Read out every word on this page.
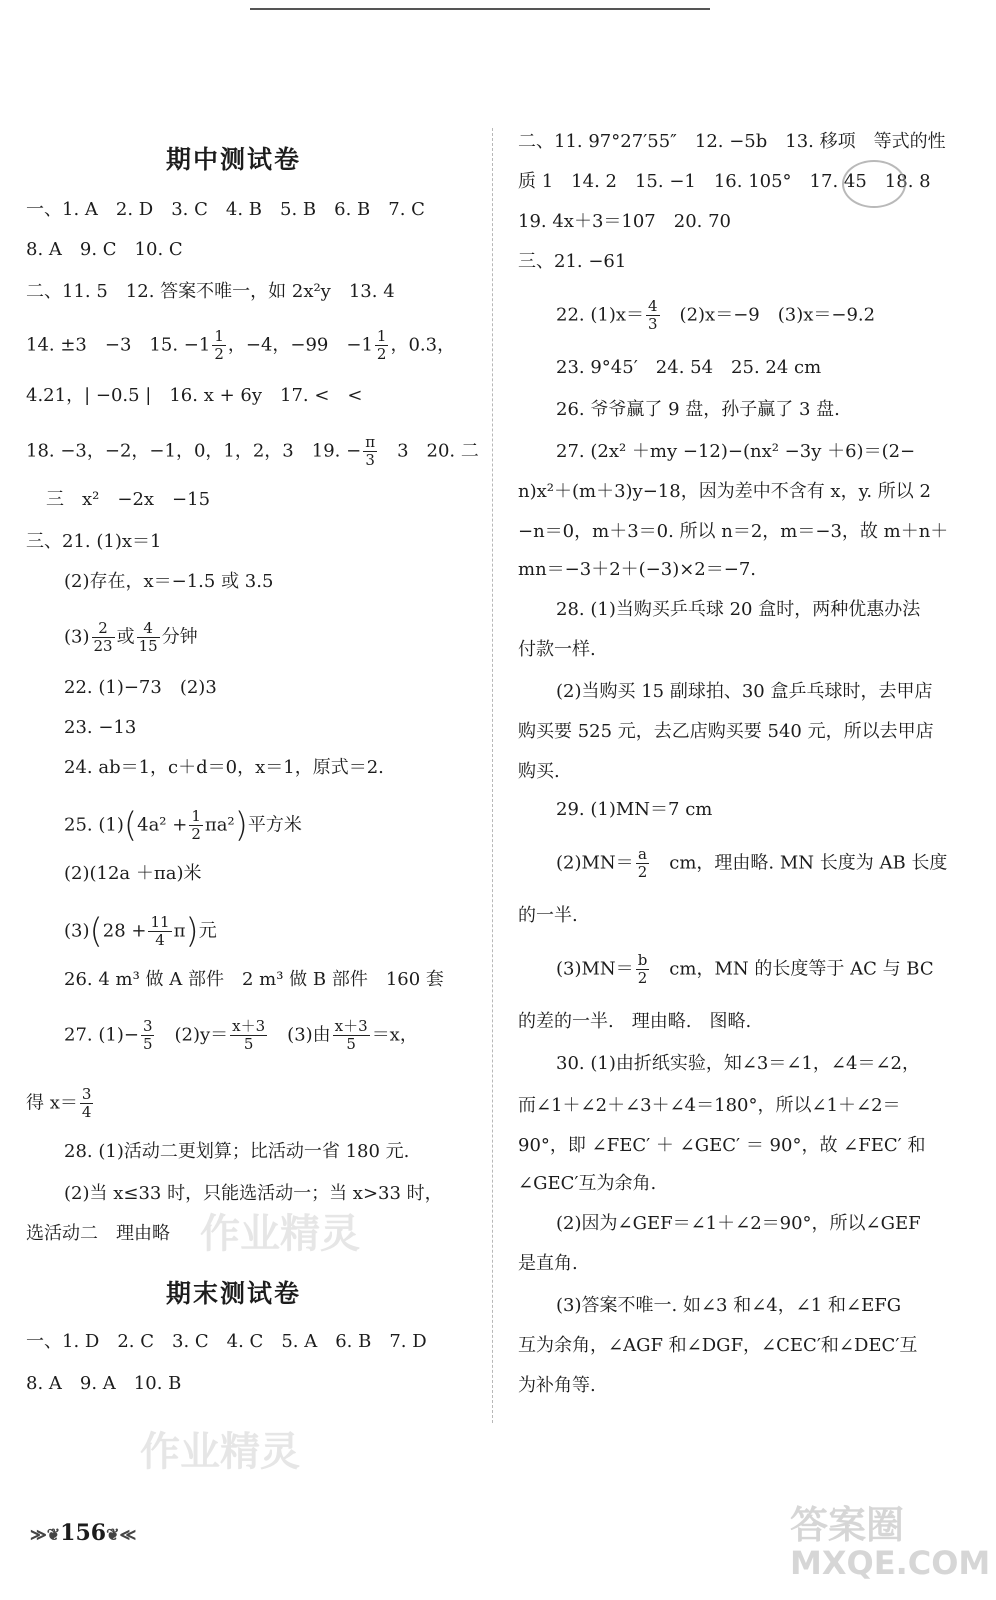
期中测试卷
一、1. A　2. D　3. C　4. B　5. B　6. B　7. C
8. A　9. C　10. C
二、11. 5　12. 答案不唯一，如 2x²y　13. 4
14. ±3　−3　15. $-1 \frac{1}{2}$ ，−4，−99　$-1 \frac{1}{2}$ ，0.3，
4.21，| −0.5 |　16. x + 6y　17. <　<
18. −3，−2，−1，0，1，2，3　19. − $\frac{\pi}{3}$
　 3　20. 二
三　x²　−2x　−15
三、21. (1)x＝1
(2)存在，x＝−1.5 或 3.5
$(3) \frac{2}{23}$ 或 $\frac{4}{15}$ 分钟
22. (1)−73　(2)3
23. −13
24. ab＝1，c＋d＝0，x＝1，原式＝2.
25. $(1)(4a^2 + \frac{1}{2} \pi a^2)$平方米
(2)(12a ＋πa)米
$(3)(28 + \frac{11}{4} \pi)$元
26. 4 m³ 做 A 部件　2 m³ 做 B 部件　160 套
27. $(1)- \frac{3}{5}$
　 $(2)y= \frac{x+3}{5}$
　 (3)由 $\frac{x+3}{5} =x$，
得 $x= \frac{3}{4}$
28. (1)活动二更划算；比活动一省 180 元.
(2)当 x≤33 时，只能选活动一；当 x>33 时，
选活动二　理由略
期末测试卷
一、1. D　2. C　3. C　4. C　5. A　6. B　7. D
8. A　9. A　10. B
二、11. 97°27′55″　12. −5b　13. 移项　等式的性
质 1　14. 2　15. −1　16. 105°　17. 45　18. 8
19. 4x＋3＝107　20. 70
三、21. −61
22. $(1)x= \frac{4}{3}$
　 (2)x＝−9　(3)x＝−9.2
23. 9°45′　24. 54　25. 24 cm
26. 爷爷赢了 9 盘，孙子赢了 3 盘.
27. (2x² ＋my −12)−(nx² −3y ＋6)＝(2−
n)x²＋(m＋3)y−18，因为差中不含有 x，y. 所以 2
−n＝0，m＋3＝0. 所以 n＝2，m＝−3，故 m＋n＋
mn＝−3＋2＋(−3)×2＝−7.
28. (1)当购买乒乓球 20 盒时，两种优惠办法
付款一样.
(2)当购买 15 副球拍、30 盒乒乓球时，去甲店
购买要 525 元，去乙店购买要 540 元，所以去甲店
购买.
29. (1)MN＝7 cm
$(2)MN= \frac{a}{2}$
　 cm，理由略. MN 长度为 AB 长度
的一半.
$(3)MN= \frac{b}{2}$
　 cm，MN 的长度等于 AC 与 BC
的差的一半.　理由略.　图略.
30. (1)由折纸实验，知∠3＝∠1，∠4＝∠2，
而∠1＋∠2＋∠3＋∠4＝180°，所以∠1＋∠2＝
90°，即 ∠FEC′ ＋ ∠GEC′ ＝ 90°，故 ∠FEC′ 和
∠GEC′互为余角.
(2)因为∠GEF＝∠1＋∠2＝90°，所以∠GEF
是直角.
(3)答案不唯一. 如∠3 和∠4，∠1 和∠EFG
互为余角，∠AGF 和∠DGF，∠CEC′和∠DEC′互
为补角等.
作业精灵
作业精灵
答案圈
MXQE.COM
≫❦156❦≪
